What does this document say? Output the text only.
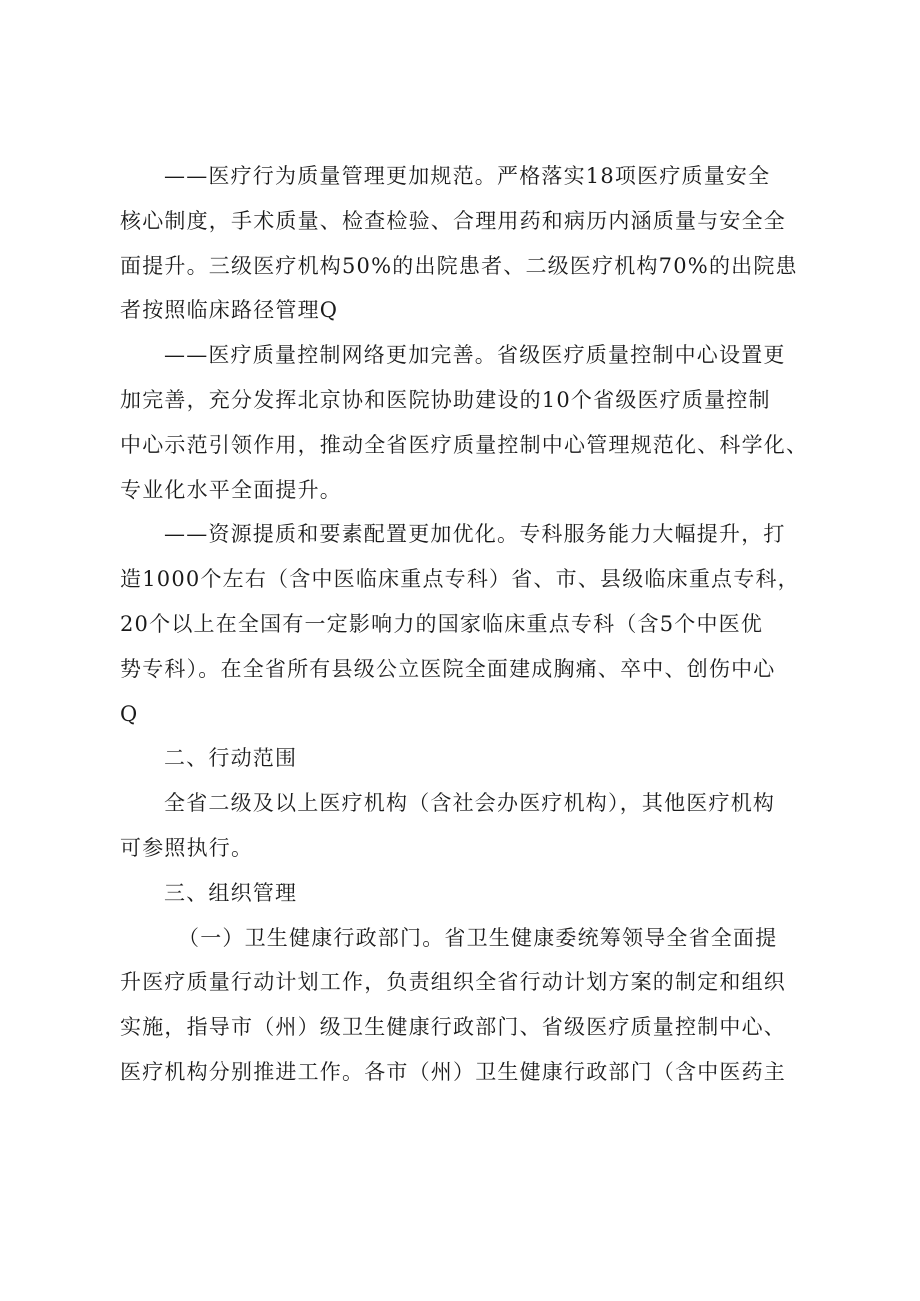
——医疗行为质量管理更加规范。严格落实18项医疗质量安全
核心制度，手术质量、检查检验、合理用药和病历内涵质量与安全全
面提升。三级医疗机构50%的出院患者、二级医疗机构70%的出院患
者按照临床路径管理Q
——医疗质量控制网络更加完善。省级医疗质量控制中心设置更
加完善，充分发挥北京协和医院协助建设的10个省级医疗质量控制
中心示范引领作用，推动全省医疗质量控制中心管理规范化、科学化、
专业化水平全面提升。
——资源提质和要素配置更加优化。专科服务能力大幅提升，打
造1000个左右（含中医临床重点专科）省、市、县级临床重点专科，
20个以上在全国有一定影响力的国家临床重点专科（含5个中医优
势专科）。在全省所有县级公立医院全面建成胸痛、卒中、创伤中心
Q
二、行动范围
全省二级及以上医疗机构（含社会办医疗机构），其他医疗机构
可参照执行。
三、组织管理
（一）卫生健康行政部门。省卫生健康委统筹领导全省全面提
升医疗质量行动计划工作，负责组织全省行动计划方案的制定和组织
实施，指导市（州）级卫生健康行政部门、省级医疗质量控制中心、
医疗机构分别推进工作。各市（州）卫生健康行政部门（含中医药主
